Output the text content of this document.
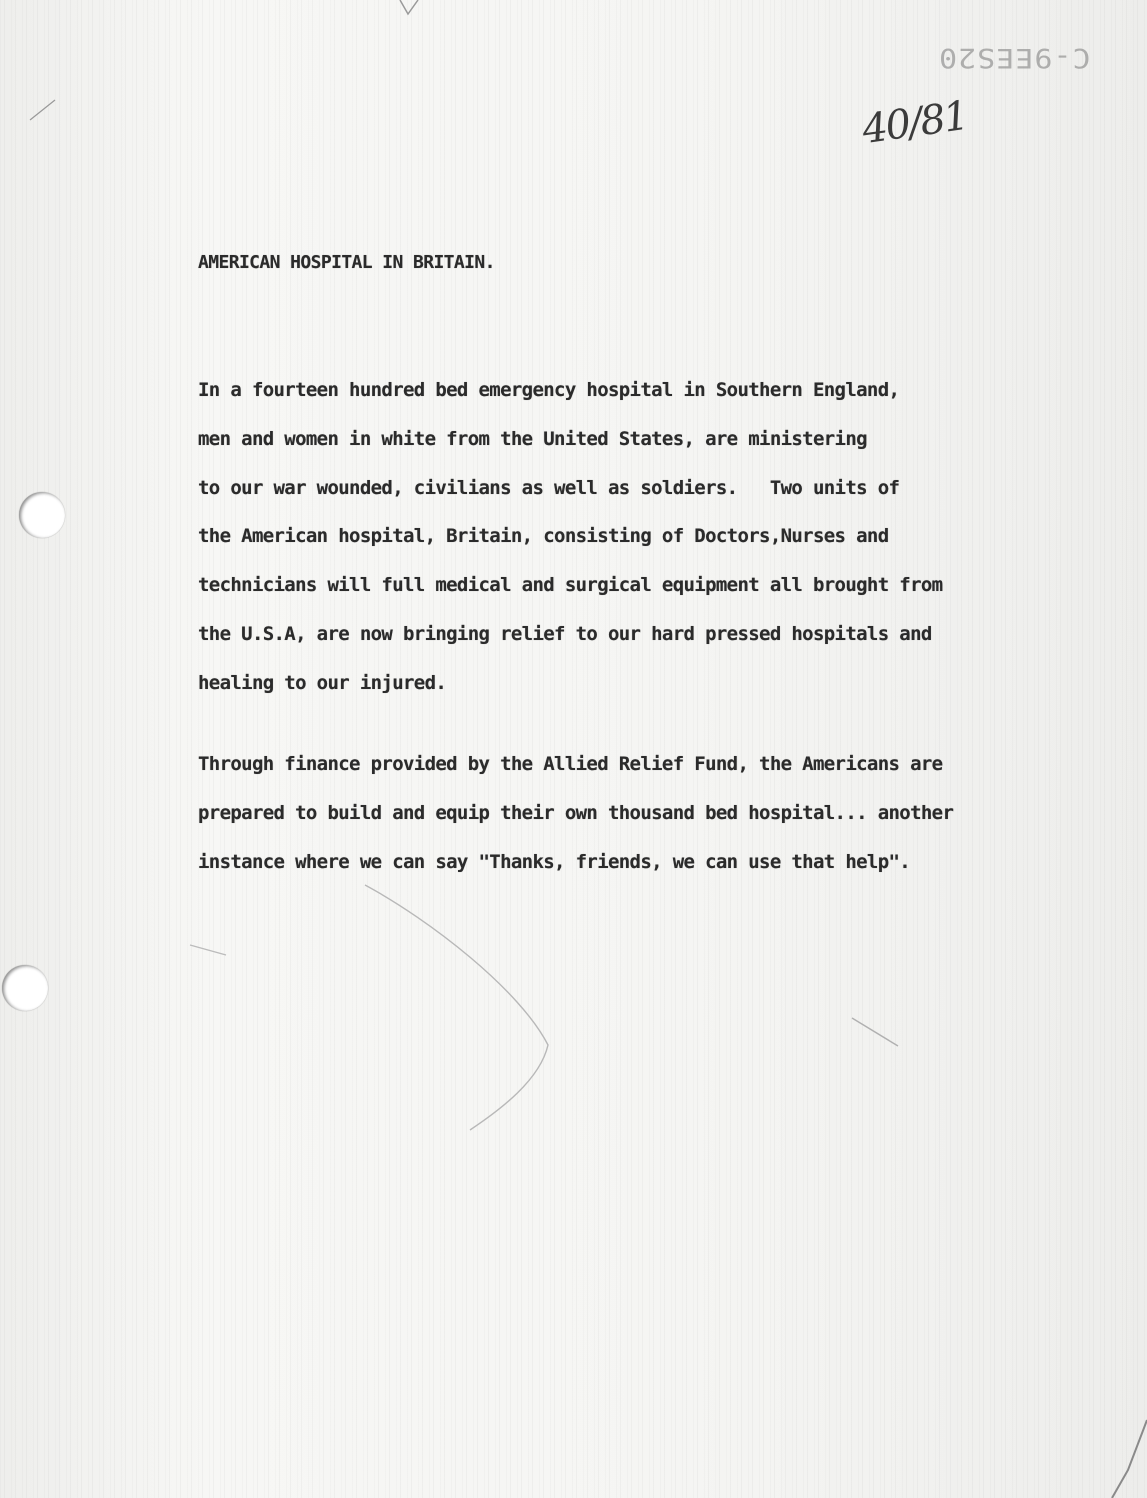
C-9EES20
40/81

AMERICAN HOSPITAL IN BRITAIN.

In a fourteen hundred bed emergency hospital in Southern England,

men and women in white from the United States, are ministering

to our war wounded, civilians as well as soldiers.   Two units of

the American hospital, Britain, consisting of Doctors,Nurses and

technicians will full medical and surgical equipment all brought from

the U.S.A, are now bringing relief to our hard pressed hospitals and

healing to our injured.

Through finance provided by the Allied Relief Fund, the Americans are

prepared to build and equip their own thousand bed hospital... another

instance where we can say "Thanks, friends, we can use that help".
